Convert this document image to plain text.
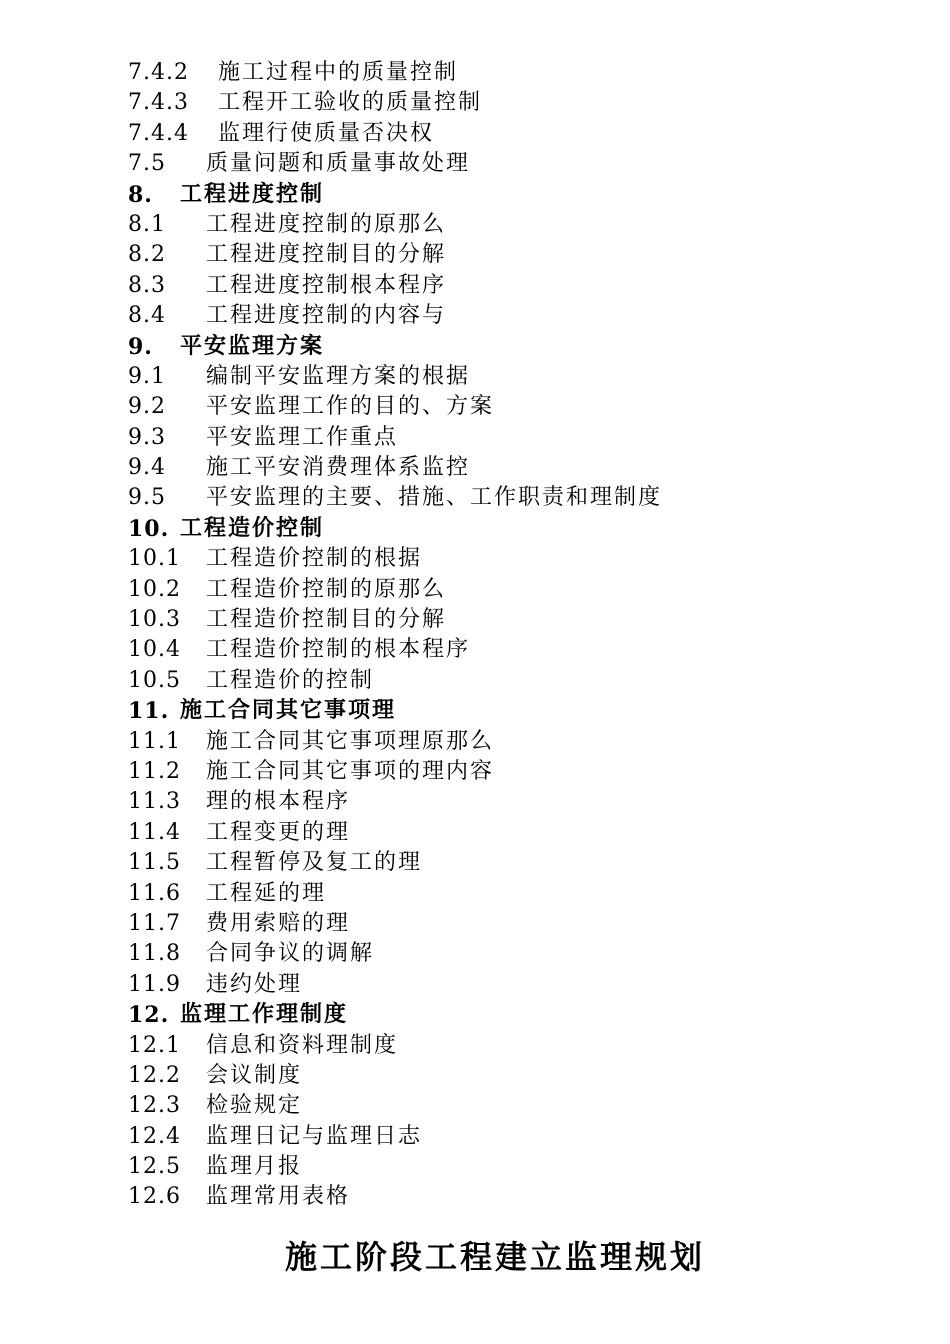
7.4.2	施工过程中的质量控制
7.4.3	工程开工验收的质量控制
7.4.4	监理行使质量否决权
7.5	质量问题和质量事故处理
8.	工程进度控制
8.1	工程进度控制的原那么
8.2	工程进度控制目的分解
8.3	工程进度控制根本程序
8.4	工程进度控制的内容与
9.	平安监理方案
9.1	编制平安监理方案的根据
9.2	平安监理工作的目的、方案
9.3	平安监理工作重点
9.4	施工平安消费理体系监控
9.5	平安监理的主要、措施、工作职责和理制度
10. 工程造价控制
10.1	工程造价控制的根据
10.2	工程造价控制的原那么
10.3	工程造价控制目的分解
10.4	工程造价控制的根本程序
10.5	工程造价的控制
11. 施工合同其它事项理
11.1	施工合同其它事项理原那么
11.2	施工合同其它事项的理内容
11.3	理的根本程序
11.4	工程变更的理
11.5	工程暂停及复工的理
11.6	工程延的理
11.7	费用索赔的理
11.8	合同争议的调解
11.9	违约处理
12. 监理工作理制度
12.1	信息和资料理制度
12.2	会议制度
12.3	检验规定
12.4	监理日记与监理日志
12.5	监理月报
12.6	监理常用表格
施工阶段工程建立监理规划
